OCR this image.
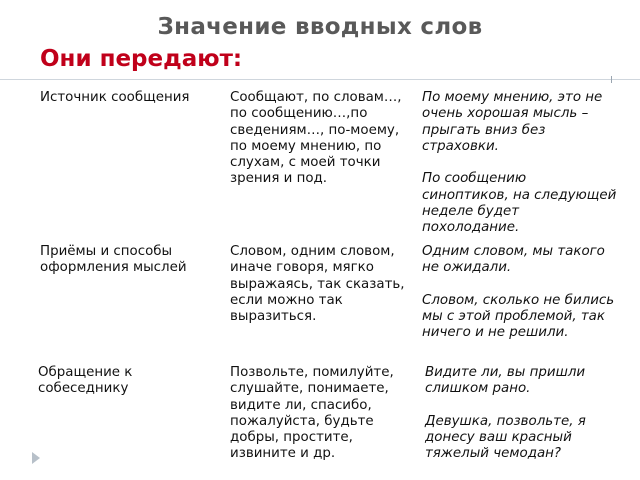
Значение вводных слов
Они передают:
Источник сообщения	Сообщают, по словам…, по сообщению…,по сведениям…, по-моему, по моему мнению, по слухам, с моей точки зрения и под.
По моему мнению, это не очень хорошая мысль – прыгать вниз без страховки.

По сообщению синоптиков, на следующей неделе будет похолодание.
Приёмы и способы оформления мыслей
Словом, одним словом, иначе говоря, мягко выражаясь, так сказать, если можно так выразиться.
Одним словом, мы такого не ожидали.

Словом, сколько не бились мы с этой проблемой, так ничего и не решили.
Обращение к собеседнику
Позвольте, помилуйте, слушайте, понимаете, видите ли, спасибо, пожалуйста, будьте добры, простите, извините и др.
Видите ли, вы пришли слишком рано.

Девушка, позвольте, я донесу ваш красный тяжелый чемодан?
